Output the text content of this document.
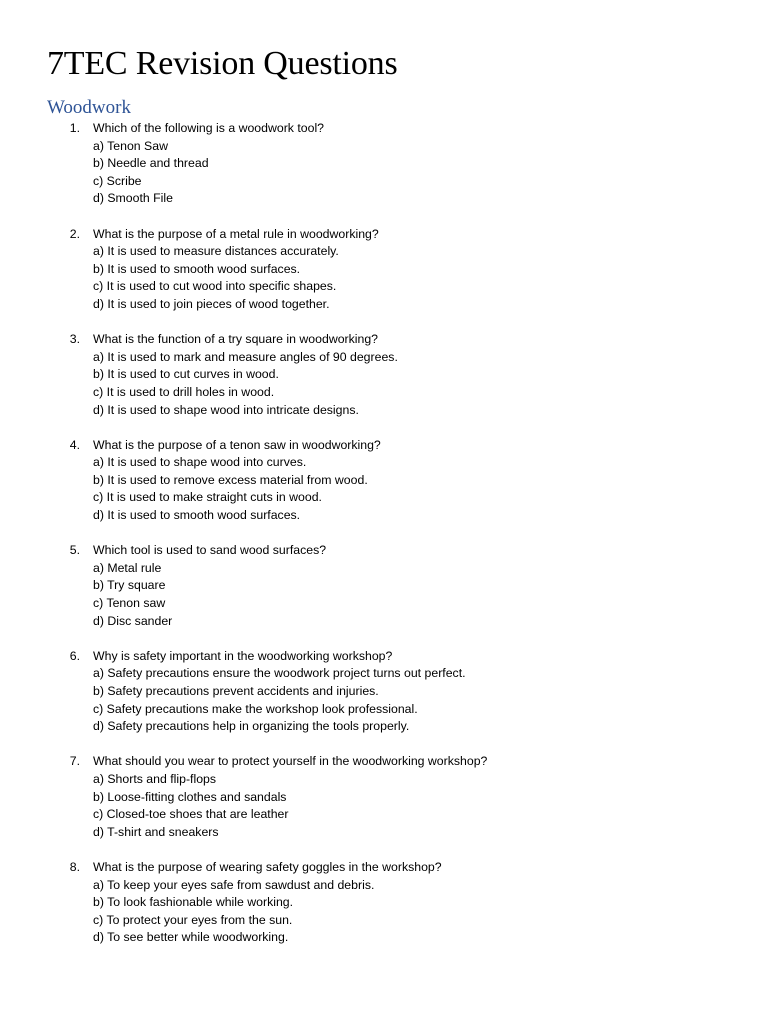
7TEC Revision Questions
Woodwork
1. Which of the following is a woodwork tool?
a) Tenon Saw
b) Needle and thread
c) Scribe
d) Smooth File
2. What is the purpose of a metal rule in woodworking?
a) It is used to measure distances accurately.
b) It is used to smooth wood surfaces.
c) It is used to cut wood into specific shapes.
d) It is used to join pieces of wood together.
3. What is the function of a try square in woodworking?
a) It is used to mark and measure angles of 90 degrees.
b) It is used to cut curves in wood.
c) It is used to drill holes in wood.
d) It is used to shape wood into intricate designs.
4. What is the purpose of a tenon saw in woodworking?
a) It is used to shape wood into curves.
b) It is used to remove excess material from wood.
c) It is used to make straight cuts in wood.
d) It is used to smooth wood surfaces.
5. Which tool is used to sand wood surfaces?
a) Metal rule
b) Try square
c) Tenon saw
d) Disc sander
6. Why is safety important in the woodworking workshop?
a) Safety precautions ensure the woodwork project turns out perfect.
b) Safety precautions prevent accidents and injuries.
c) Safety precautions make the workshop look professional.
d) Safety precautions help in organizing the tools properly.
7. What should you wear to protect yourself in the woodworking workshop?
a) Shorts and flip-flops
b) Loose-fitting clothes and sandals
c) Closed-toe shoes that are leather
d) T-shirt and sneakers
8. What is the purpose of wearing safety goggles in the workshop?
a) To keep your eyes safe from sawdust and debris.
b) To look fashionable while working.
c) To protect your eyes from the sun.
d) To see better while woodworking.
